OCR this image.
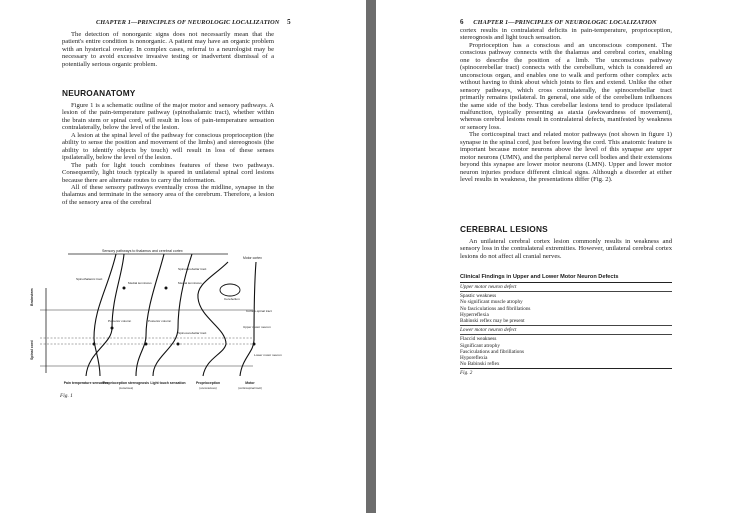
CHAPTER 1—PRINCIPLES OF NEUROLOGIC LOCALIZATION 5

The detection of nonorganic signs does not necessarily mean that the patient's entire condition is nonorganic. A patient may have an organic problem with an hysterical overlay. In complex cases, referral to a neurologist may be necessary to avoid excessive invasive testing or inadvertent dismissal of a potentially serious organic problem.

NEUROANATOMY

Figure 1 is a schematic outline of the major motor and sensory pathways. A lesion of the pain-temperature pathway (spinothalamic tract), whether within the brain stem or spinal cord, will result in loss of pain-temperature sensation contralaterally, below the level of the lesion.

A lesion at the spinal level of the pathway for conscious proprioception (the ability to sense the position and movement of the limbs) and stereognosis (the ability to identify objects by touch) will result in loss of these senses ipsilaterally, below the level of the lesion.

The path for light touch combines features of these two pathways. Consequently, light touch typically is spared in unilateral spinal cord lesions because there are alternate routes to carry the information.

All of these sensory pathways eventually cross the midline, synapse in the thalamus and terminate in the sensory area of the cerebrum. Therefore, a lesion of the sensory area of the cerebral

Sensory pathways to thalamus and cerebral cortex
Motor cortex
Brainstem
Spinal cord
Spinothalamic tract
Medial lemniscus	Medial lemniscus
Spinocerebellar tract
Cerebellum
Posterior column	Posterior column
Spinocerebellar tract
Cortico-spinal tract
Upper motor neuron
Lower motor neuron
Pain temperature sensation
Proprioception stereognosis Light touch sensation	Proprioception	Motor
(conscious)	(unconscious)	(corticospinal tract)
Fig. 1
6 CHAPTER 1—PRINCIPLES OF NEUROLOGIC LOCALIZATION

cortex results in contralateral deficits in pain-temperature, proprioception, stereognosis and light touch sensation.

Proprioception has a conscious and an unconscious component. The conscious pathway connects with the thalamus and cerebral cortex, enabling one to describe the position of a limb. The unconscious pathway (spinocerebellar tract) connects with the cerebellum, which is considered an unconscious organ, and enables one to walk and perform other complex acts without having to think about which joints to flex and extend. Unlike the other sensory pathways, which cross contralaterally, the spinocerebellar tract primarily remains ipsilateral. In general, one side of the cerebellum influences the same side of the body. Thus cerebellar lesions tend to produce ipsilateral malfunction, typically presenting as ataxia (awkwardness of movement), whereas cerebral lesions result in contralateral defects, manifested by weakness or sensory loss.

The corticospinal tract and related motor pathways (not shown in figure 1) synapse in the spinal cord, just before leaving the cord. This anatomic feature is important because motor neurons above the level of this synapse are upper motor neurons (UMN), and the peripheral nerve cell bodies and their extensions beyond this synapse are lower motor neurons (LMN). Upper and lower motor neuron injuries produce different clinical signs. Although a disorder at either level results in weakness, the presentations differ (Fig. 2).

CEREBRAL LESIONS

An unilateral cerebral cortex lesion commonly results in weakness and sensory loss in the contralateral extremities. However, unilateral cerebral cortex lesions do not affect all cranial nerves.

Clinical Findings in Upper and Lower Motor Neuron Defects
Upper motor neuron defect
Spastic weakness
No significant muscle atrophy
No fasciculations and fibrillations
Hyperreflexia
Babinski reflex may be present
Lower motor neuron defect
Flaccid weakness
Significant atrophy
Fasciculations and fibrillations
Hyporeflexia
No Babinski reflex
Fig. 2
